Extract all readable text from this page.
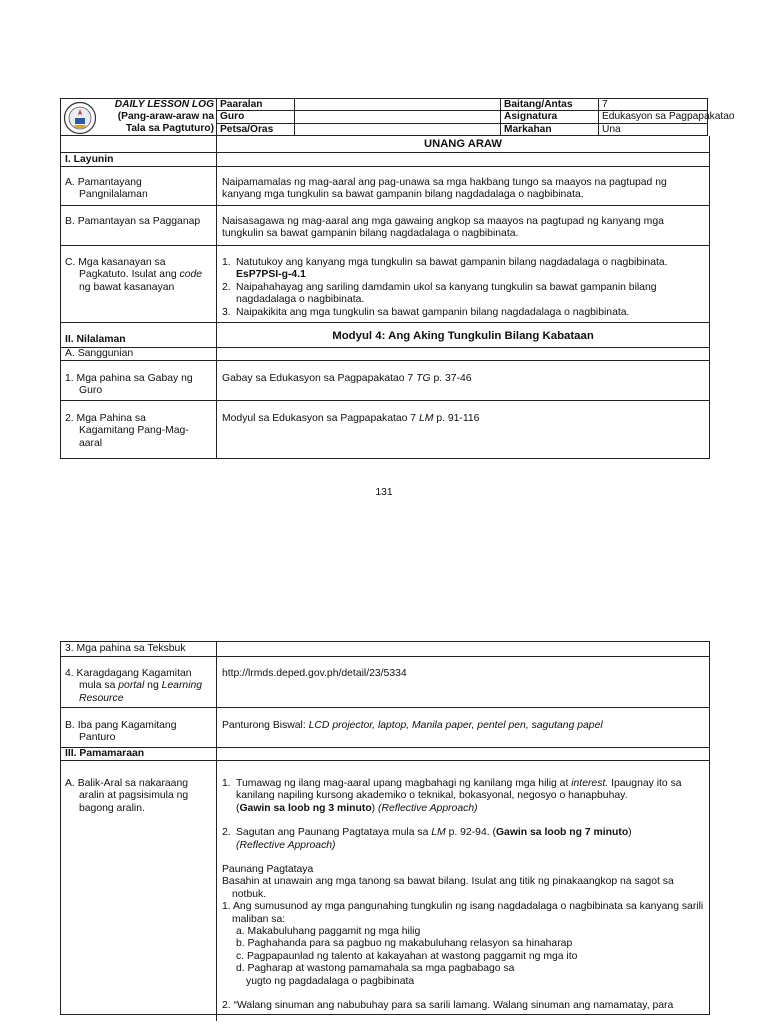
DAILY LESSON LOG
(Pang-araw-araw na
Tala sa Pagtuturo)
Paaralan
Guro
Petsa/Oras
Baitang/Antas
Asignatura
Markahan
7
Edukasyon sa Pagpapakatao
Una
UNANG ARAW
I. Layunin
A. Pamantayang
Pangnilalaman
Naipamamalas ng mag-aaral ang pag-unawa sa mga hakbang tungo sa maayos na pagtupad ng kanyang mga tungkulin sa bawat gampanin bilang nagdadalaga o nagbibinata.
B. Pamantayan sa Pagganap	Naisasagawa ng mag-aaral ang mga gawaing angkop sa maayos na pagtupad ng kanyang mga tungkulin sa bawat gampanin bilang nagdadalaga o nagbibinata.
C. Mga kasanayan sa
Pagkatuto. Isulat ang code
ng bawat kasanayan
1. Natutukoy ang kanyang mga tungkulin sa bawat gampanin bilang nagdadalaga o nagbibinata.
EsP7PSI-g-4.1
2. Naipahahayag ang sariling damdamin ukol sa kanyang tungkulin sa bawat gampanin bilang nagdadalaga o nagbibinata.
3. Naipakikita ang mga tungkulin sa bawat gampanin bilang nagdadalaga o nagbibinata.
II. Nilalaman	Modyul 4: Ang Aking Tungkulin Bilang Kabataan
A. Sanggunian
1. Mga pahina sa Gabay ng
Guro
Gabay sa Edukasyon sa Pagpapakatao 7 TG p. 37-46
2. Mga Pahina sa
Kagamitang Pang-Mag-
aaral
Modyul sa Edukasyon sa Pagpapakatao 7 LM p. 91-116
131
3. Mga pahina sa Teksbuk
4. Karagdagang Kagamitan
mula sa portal ng Learning
Resource
http://lrmds.deped.gov.ph/detail/23/5334
B. Iba pang Kagamitang
Panturo
Panturong Biswal: LCD projector, laptop, Manila paper, pentel pen, sagutang papel
III. Pamamaraan
A. Balik-Aral sa nakaraang
aralin at pagsisimula ng
bagong aralin.
1. Tumawag ng ilang mag-aaral upang magbahagi ng kanilang mga hilig at interest. Ipaugnay ito sa kanilang napiling kursong akademiko o teknikal, bokasyonal, negosyo o hanapbuhay.
(Gawin sa loob ng 3 minuto) (Reflective Approach)
2. Sagutan ang Paunang Pagtataya mula sa LM p. 92-94. (Gawin sa loob ng 7 minuto)
(Reflective Approach)
Paunang Pagtataya
Basahin at unawain ang mga tanong sa bawat bilang. Isulat ang titik ng pinakaangkop na sagot sa notbuk.
1. Ang sumusunod ay mga pangunahing tungkulin ng isang nagdadalaga o nagbibinata sa kanyang sarili maliban sa:
a. Makabuluhang paggamit ng mga hilig
b. Paghahanda para sa pagbuo ng makabuluhang relasyon sa hinaharap
c. Pagpapaunlad ng talento at kakayahan at wastong paggamit ng mga ito
d. Pagharap at wastong pamamahala sa mga pagbabago sa yugto ng pagdadalaga o pagbibinata
2. “Walang sinuman ang nabubuhay para sa sarili lamang. Walang sinuman ang namamatay, para
